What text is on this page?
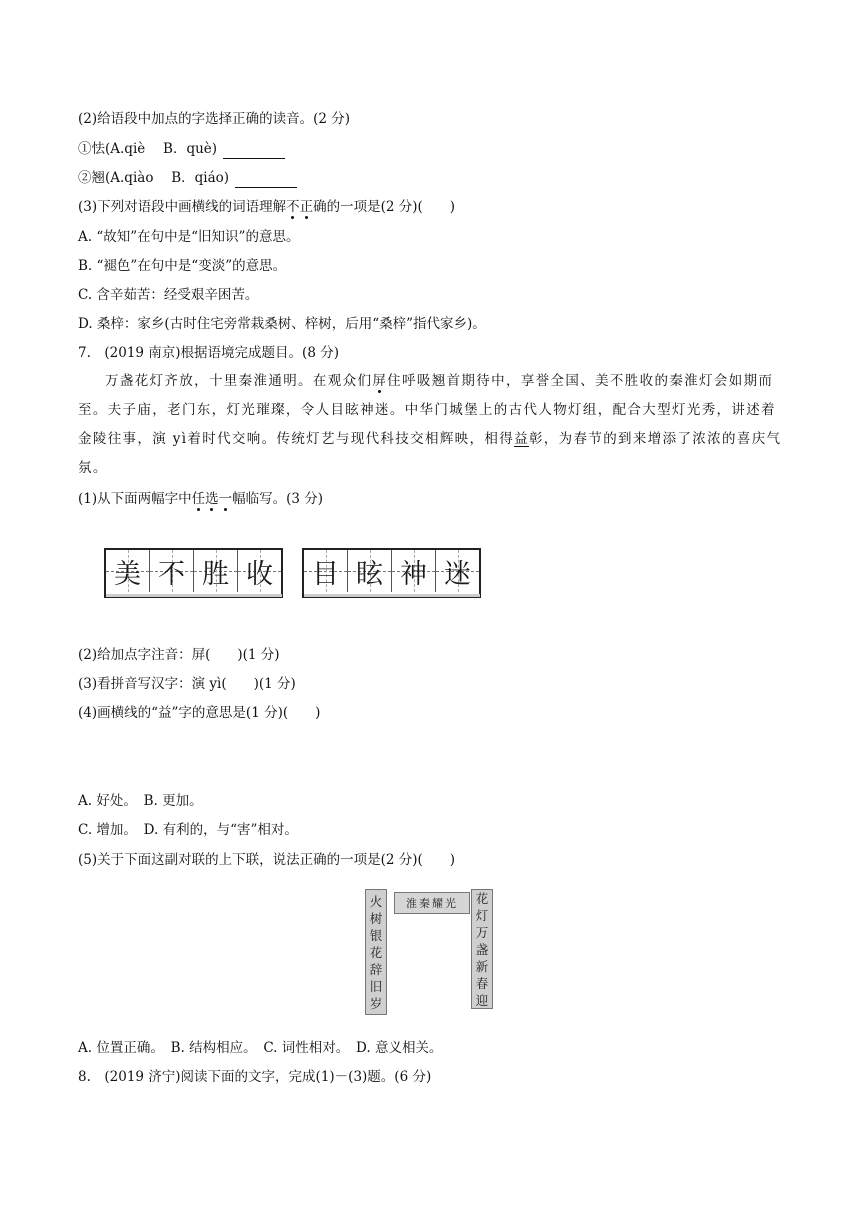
(2)给语段中加点的字选择正确的读音。(2 分)
①怯(A.qiè　 B．què)
②翘(A.qiào　 B．qiáo)
(3)下列对语段中画横线的词语理解不正确的一项是(2 分)(　　)
A. “故知”在句中是“旧知识”的意思。
B. “褪色”在句中是“变淡”的意思。
C. 含辛茹苦：经受艰辛困苦。
D. 桑梓：家乡(古时住宅旁常栽桑树、梓树，后用“桑梓”指代家乡)。
7.　(2019 南京)根据语境完成题目。(8 分)
万盏花灯齐放，十里秦淮通明。在观众们屏住呼吸翘首期待中，享誉全国、美不胜收的秦淮灯会如期而至。夫子庙，老门东，灯光璀璨，令人目眩神迷。中华门城堡上的古代人物灯组，配合大型灯光秀，讲述着金陵往事，演 yì着时代交响。传统灯艺与现代科技交相辉映，相得益彰，为春节的到来增添了浓浓的喜庆气氛。
(1)从下面两幅字中任选一幅临写。(3 分)
美 不 胜 收 目 眩 神 迷
(2)给加点字注音：屏(　　)(1 分)
(3)看拼音写汉字：演 yì(　　)(1 分)
(4)画横线的“益”字的意思是(1 分)(　　)
A. 好处。　B. 更加。
C. 增加。　D. 有利的，与“害”相对。
(5)关于下面这副对联的上下联，说法正确的一项是(2 分)(　　)
火
树
银
花
辞
旧
岁
淮秦耀光	花
灯
万
盏
新
春
迎
A. 位置正确。　B. 结构相应。　C. 词性相对。　D. 意义相关。
8.　(2019 济宁)阅读下面的文字，完成(1)－(3)题。(6 分)
